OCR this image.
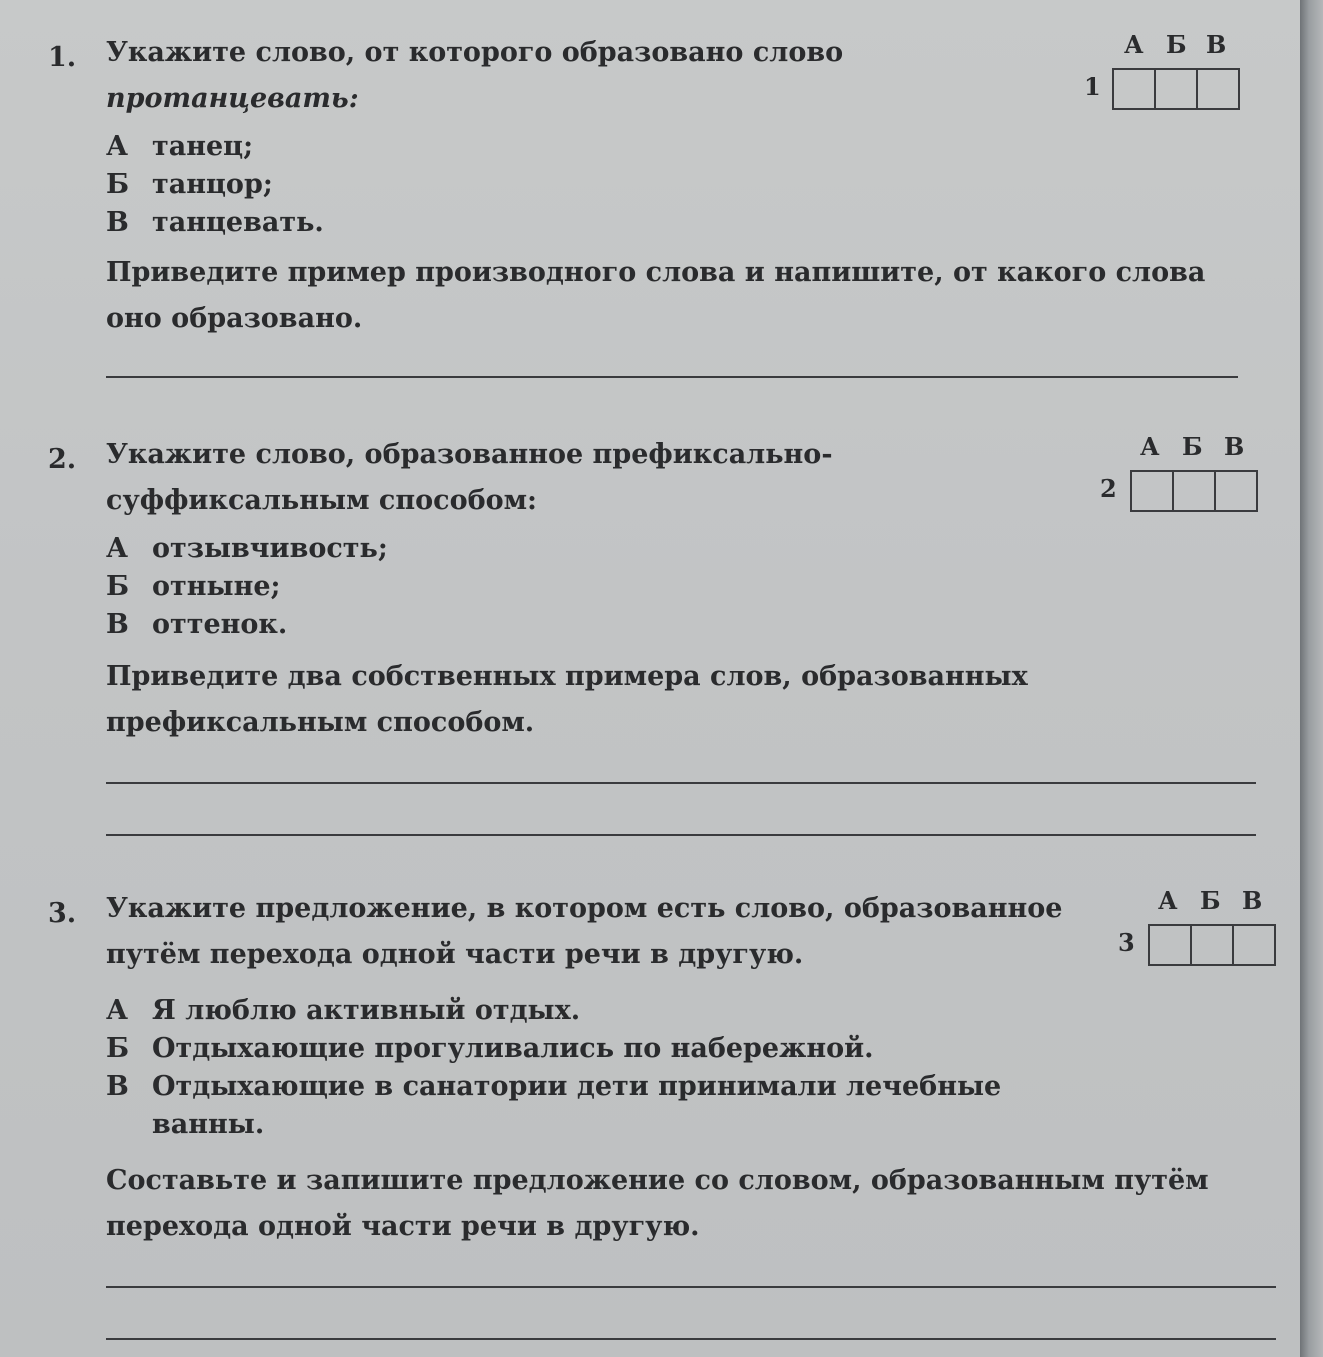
1. Укажите слово, от которого образовано слово протанцевать:
А танец;
Б танцор;
В танцевать.
Приведите пример производного слова и напишите, от какого слова оно образовано.
А Б В
1
2. Укажите слово, образованное префиксально-суффиксальным способом:
А отзывчивость;
Б отныне;
В оттенок.
Приведите два собственных примера слов, образованных префиксальным способом.
А Б В
2
3. Укажите предложение, в котором есть слово, образованное путём перехода одной части речи в другую.
А Я люблю активный отдых.
Б Отдыхающие прогуливались по набережной.
В Отдыхающие в санатории дети принимали лечебные ванны.
Составьте и запишите предложение со словом, образованным путём перехода одной части речи в другую.
А Б В
3
